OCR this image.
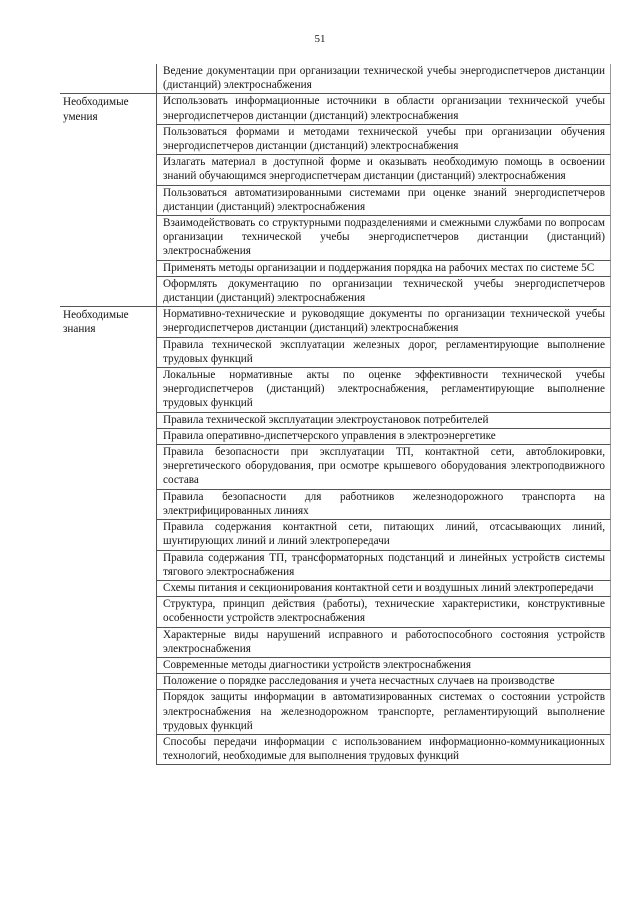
51
Ведение документации при организации технической учебы энергодиспетчеров дистанции (дистанций) электроснабжения
Необходимые умения
Использовать информационные источники в области организации технической учебы энергодиспетчеров дистанции (дистанций) электроснабжения
Пользоваться формами и методами технической учебы при организации обучения энергодиспетчеров дистанции (дистанций) электроснабжения
Излагать материал в доступной форме и оказывать необходимую помощь в освоении знаний обучающимся энергодиспетчерам дистанции (дистанций) электроснабжения
Пользоваться автоматизированными системами при оценке знаний энергодиспетчеров дистанции (дистанций) электроснабжения
Взаимодействовать со структурными подразделениями и смежными службами по вопросам организации технической учебы энергодиспетчеров дистанции (дистанций) электроснабжения
Применять методы организации и поддержания порядка на рабочих местах по системе 5С
Оформлять документацию по организации технической учебы энергодиспетчеров дистанции (дистанций) электроснабжения
Необходимые знания
Нормативно-технические и руководящие документы по организации технической учебы энергодиспетчеров дистанции (дистанций) электроснабжения
Правила технической эксплуатации железных дорог, регламентирующие выполнение трудовых функций
Локальные нормативные акты по оценке эффективности технической учебы энергодиспетчеров (дистанций) электроснабжения, регламентирующие выполнение трудовых функций
Правила технической эксплуатации электроустановок потребителей
Правила оперативно-диспетчерского управления в электроэнергетике
Правила безопасности при эксплуатации ТП, контактной сети, автоблокировки, энергетического оборудования, при осмотре крышевого оборудования электроподвижного состава
Правила безопасности для работников железнодорожного транспорта на электрифицированных линиях
Правила содержания контактной сети, питающих линий, отсасывающих линий, шунтирующих линий и линий электропередачи
Правила содержания ТП, трансформаторных подстанций и линейных устройств системы тягового электроснабжения
Схемы питания и секционирования контактной сети и воздушных линий электропередачи
Структура, принцип действия (работы), технические характеристики, конструктивные особенности устройств электроснабжения
Характерные виды нарушений исправного и работоспособного состояния устройств электроснабжения
Современные методы диагностики устройств электроснабжения
Положение о порядке расследования и учета несчастных случаев на производстве
Порядок защиты информации в автоматизированных системах о состоянии устройств электроснабжения на железнодорожном транспорте, регламентирующий выполнение трудовых функций
Способы передачи информации с использованием информационно-коммуникационных технологий, необходимые для выполнения трудовых функций
